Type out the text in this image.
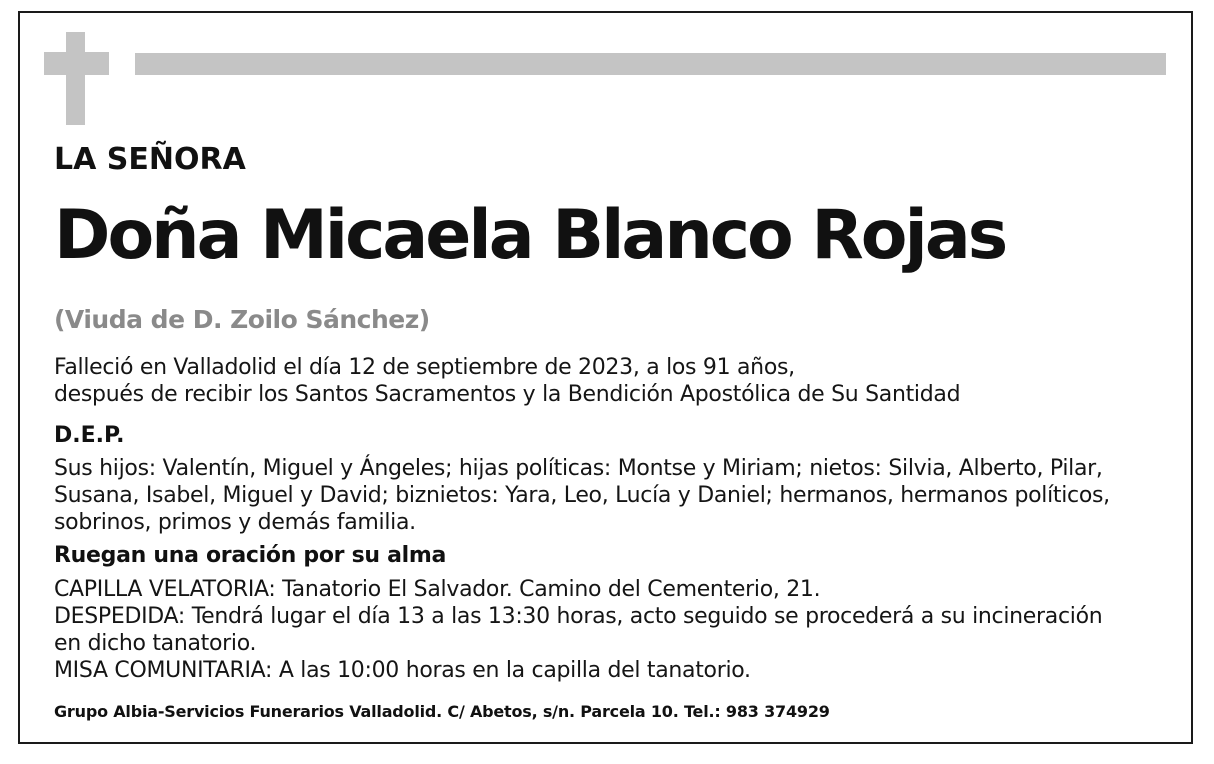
LA SEÑORA
Doña Micaela Blanco Rojas
(Viuda de D. Zoilo Sánchez)
Falleció en Valladolid el día 12 de septiembre de 2023, a los 91 años,
después de recibir los Santos Sacramentos y la Bendición Apostólica de Su Santidad
D.E.P.
Sus hijos: Valentín, Miguel y Ángeles; hijas políticas: Montse y Miriam; nietos: Silvia, Alberto, Pilar,
Susana, Isabel, Miguel y David; biznietos: Yara, Leo, Lucía y Daniel; hermanos, hermanos políticos,
sobrinos, primos y demás familia.
Ruegan una oración por su alma
CAPILLA VELATORIA: Tanatorio El Salvador. Camino del Cementerio, 21.
DESPEDIDA: Tendrá lugar el día 13 a las 13:30 horas, acto seguido se procederá a su incineración
en dicho tanatorio.
MISA COMUNITARIA: A las 10:00 horas en la capilla del tanatorio.
Grupo Albia-Servicios Funerarios Valladolid. C/ Abetos, s/n. Parcela 10. Tel.: 983 374929
